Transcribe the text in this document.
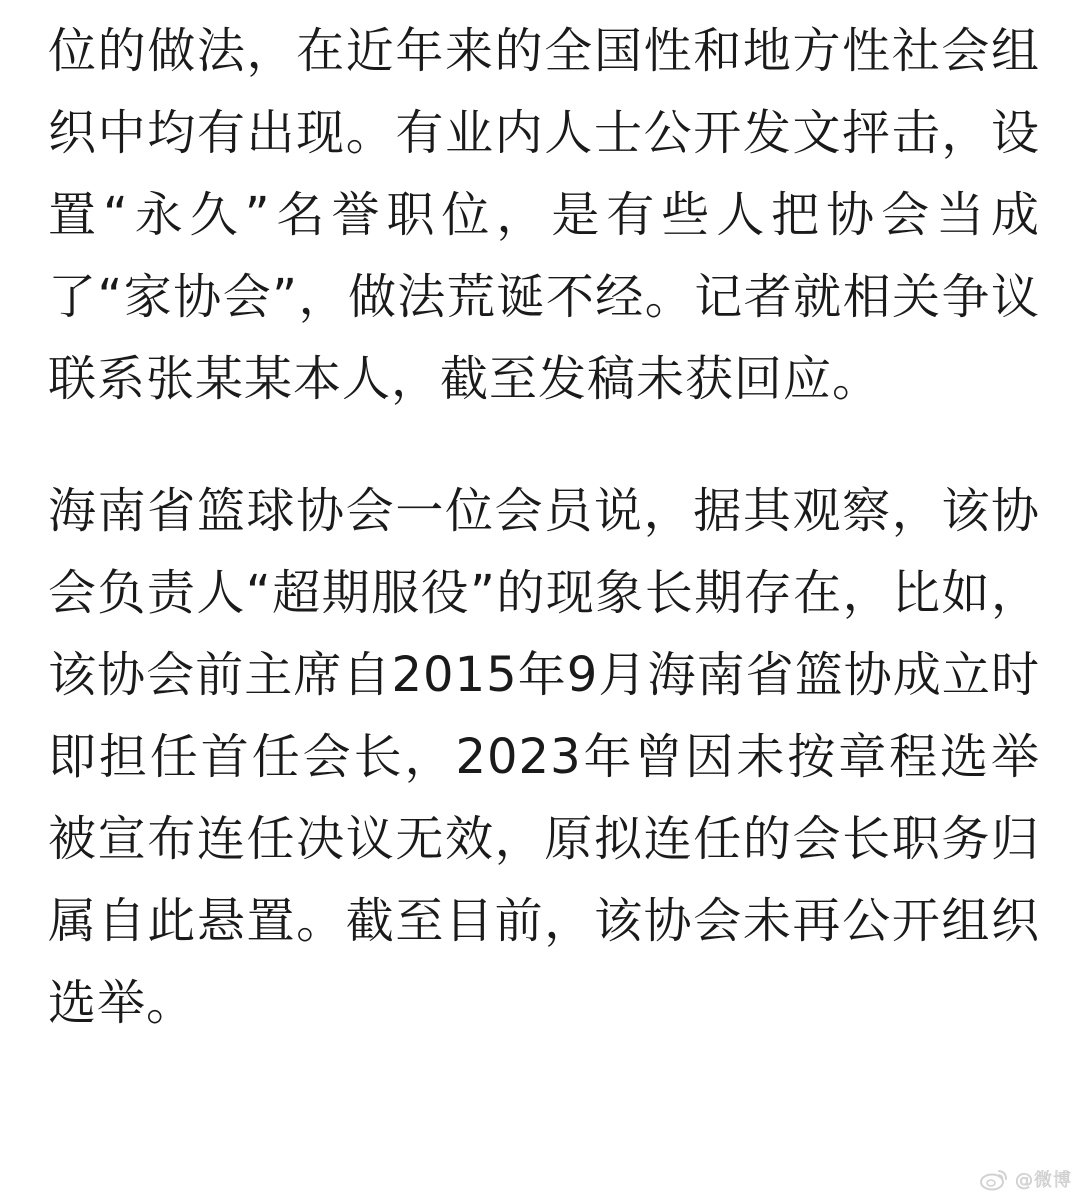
位的做法，在近年来的全国性和地方性社会组织中均有出现。有业内人士公开发文抨击，设置“永久”名誉职位，是有些人把协会当成了“家协会”，做法荒诞不经。记者就相关争议联系张某某本人，截至发稿未获回应。

海南省篮球协会一位会员说，据其观察，该协会负责人“超期服役”的现象长期存在，比如，该协会前主席自2015年9月海南省篮协成立时即担任首任会长，2023年曾因未按章程选举被宣布连任决议无效，原拟连任的会长职务归属自此悬置。截至目前，该协会未再公开组织选举。

@微博
